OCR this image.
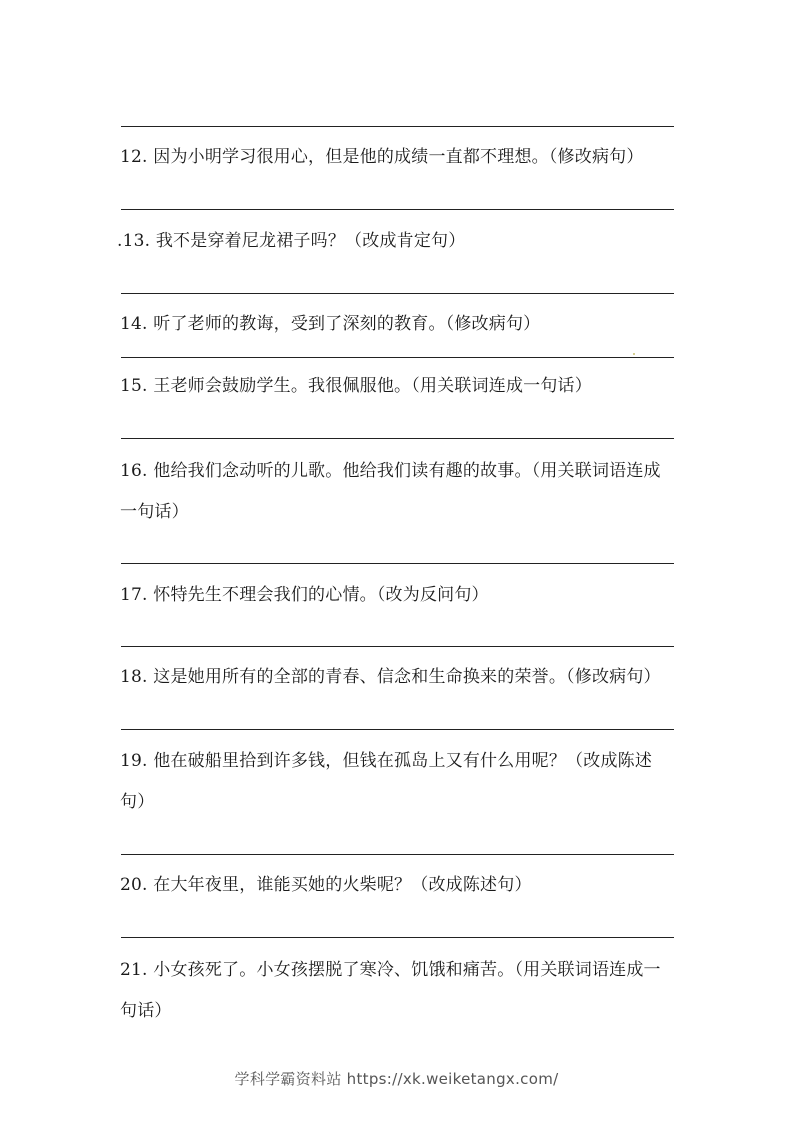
12. 因为小明学习很用心，但是他的成绩一直都不理想。（修改病句）
.13. 我不是穿着尼龙裙子吗？（改成肯定句）
14. 听了老师的教诲，受到了深刻的教育。（修改病句）
15. 王老师会鼓励学生。我很佩服他。（用关联词连成一句话）
16. 他给我们念动听的儿歌。他给我们读有趣的故事。（用关联词语连成一句话）
17. 怀特先生不理会我们的心情。（改为反问句）
18. 这是她用所有的全部的青春、信念和生命换来的荣誉。（修改病句）
19. 他在破船里拾到许多钱，但钱在孤岛上又有什么用呢？（改成陈述句）
20. 在大年夜里，谁能买她的火柴呢？（改成陈述句）
21. 小女孩死了。小女孩摆脱了寒冷、饥饿和痛苦。（用关联词语连成一句话）
学科学霸资料站 https://xk.weiketangx.com/
